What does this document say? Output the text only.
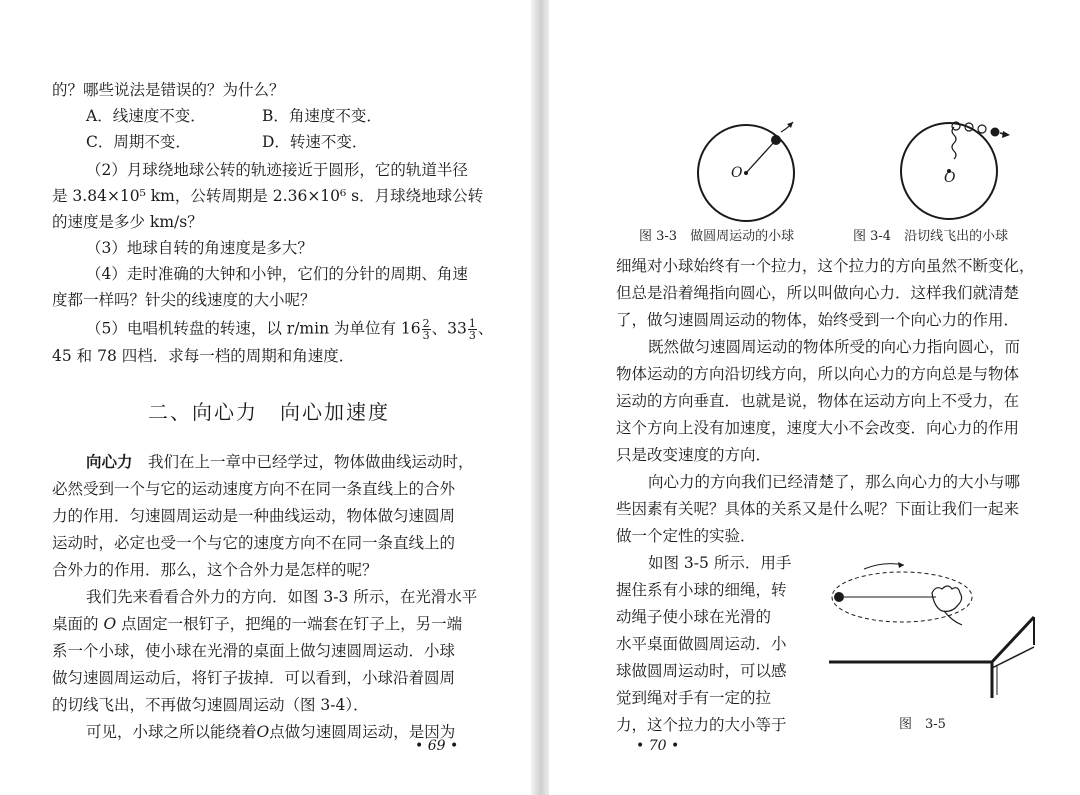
的？哪些说法是错误的？为什么？
A．线速度不变．	B．角速度不变．
C．周期不变．	D．转速不变．
（2）月球绕地球公转的轨迹接近于圆形，它的轨道半径
是 3.84×10⁵ km，公转周期是 2.36×10⁶ s．月球绕地球公转
的速度是多少 km/s？
（3）地球自转的角速度是多大？
（4）走时准确的大钟和小钟，它们的分针的周期、角速
度都一样吗？针尖的线速度的大小呢？
（5）电唱机转盘的转速，以 r/min 为单位有 $16 \frac{2}{3}$ 、$33 \frac{1}{3}$ 、
45 和 78 四档．求每一档的周期和角速度．
二、向心力　向心加速度
向心力　 我们在上一章中已经学过，物体做曲线运动时，
必然受到一个与它的运动速度方向不在同一条直线上的合外
力的作用．匀速圆周运动是一种曲线运动，物体做匀速圆周
运动时，必定也受一个与它的速度方向不在同一条直线上的
合外力的作用．那么，这个合外力是怎样的呢？
我们先来看看合外力的方向．如图 3-3 所示，在光滑水平
桌面的 O 点固定一根钉子，把绳的一端套在钉子上，另一端
系一个小球，使小球在光滑的桌面上做匀速圆周运动．小球
做匀速圆周运动后，将钉子拔掉．可以看到，小球沿着圆周
的切线飞出，不再做匀速圆周运动（图 3-4）．
可见，小球之所以能绕着O点做匀速圆周运动，是因为
• 69 •
O	O
图 3-3　做圆周运动的小球	图 3-4　沿切线飞出的小球
细绳对小球始终有一个拉力，这个拉力的方向虽然不断变化，
但总是沿着绳指向圆心，所以叫做向心力．这样我们就清楚
了，做匀速圆周运动的物体，始终受到一个向心力的作用．
既然做匀速圆周运动的物体所受的向心力指向圆心，而
物体运动的方向沿切线方向，所以向心力的方向总是与物体
运动的方向垂直．也就是说，物体在运动方向上不受力，在
这个方向上没有加速度，速度大小不会改变．向心力的作用
只是改变速度的方向．
向心力的方向我们已经清楚了，那么向心力的大小与哪
些因素有关呢？具体的关系又是什么呢？下面让我们一起来
做一个定性的实验．
如图 3-5 所示．用手
握住系有小球的细绳，转
动绳子使小球在光滑的
水平桌面做圆周运动．小
球做圆周运动时，可以感
觉到绳对手有一定的拉
力，这个拉力的大小等于	图　3-5
• 70 •
